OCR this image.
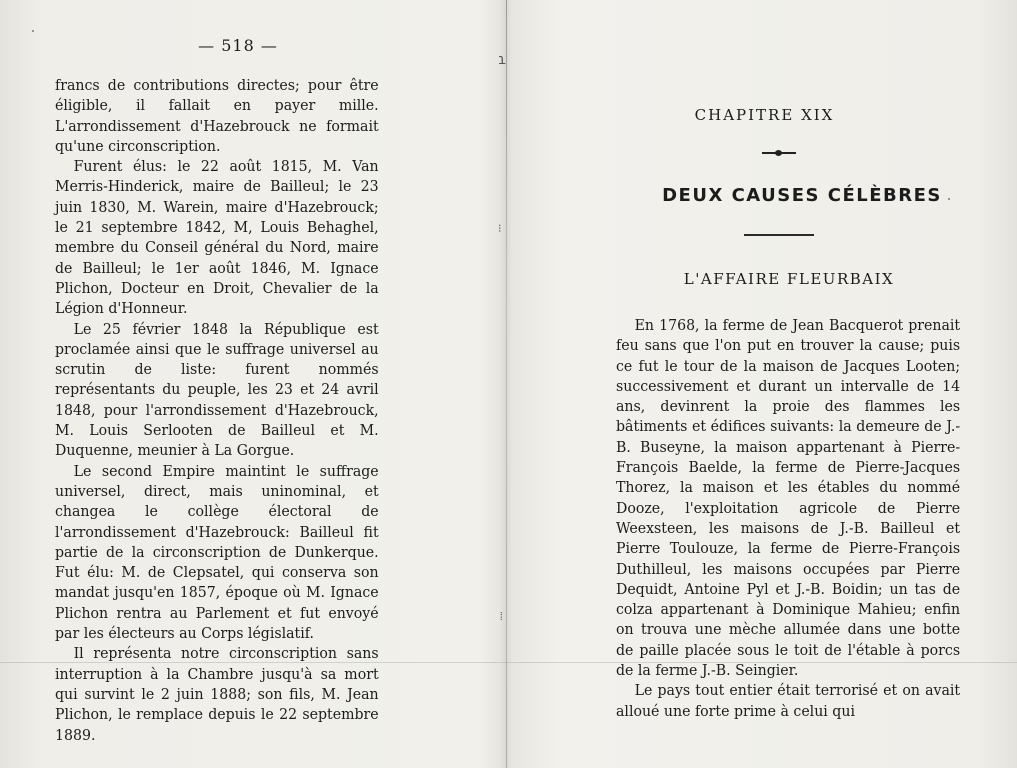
ɿ
⁝
⁞
— 518 —

francs de contributions directes; pour être éligible, il fallait en payer mille. L'arrondissement d'Hazebrouck ne formait qu'une circonscription.

Furent élus: le 22 août 1815, M. Van Merris-Hinderick, maire de Bailleul; le 23 juin 1830, M. Warein, maire d'Hazebrouck; le 21 septembre 1842, M, Louis Behaghel, membre du Conseil général du Nord, maire de Bailleul; le 1er août 1846, M. Ignace Plichon, Docteur en Droit, Chevalier de la Légion d'Honneur.

Le 25 février 1848 la République est proclamée ainsi que le suffrage universel au scrutin de liste: furent nommés représentants du peuple, les 23 et 24 avril 1848, pour l'arrondissement d'Hazebrouck, M. Louis Serlooten de Bailleul et M. Duquenne, meunier à La Gorgue.

Le second Empire maintint le suffrage universel, direct, mais uninominal, et changea le collège électoral de l'arrondissement d'Hazebrouck: Bailleul fit partie de la circonscription de Dunkerque. Fut élu: M. de Clepsatel, qui conserva son mandat jusqu'en 1857, époque où M. Ignace Plichon rentra au Parlement et fut envoyé par les électeurs au Corps législatif.

Il représenta notre circonscription sans interruption à la Chambre jusqu'à sa mort qui survint le 2 juin 1888; son fils, M. Jean Plichon, le remplace depuis le 22 septembre 1889.

CHAPITRE XIX
DEUX CAUSES CÉLÈBRES
L'AFFAIRE FLEURBAIX

En 1768, la ferme de Jean Bacquerot prenait feu sans que l'on put en trouver la cause; puis ce fut le tour de la maison de Jacques Looten; successivement et durant un intervalle de 14 ans, devinrent la proie des flammes les bâtiments et édifices suivants: la demeure de J.-B. Buseyne, la maison appartenant à Pierre-François Baelde, la ferme de Pierre-Jacques Thorez, la maison et les étables du nommé Dooze, l'exploitation agricole de Pierre Weexsteen, les maisons de J.-B. Bailleul et Pierre Toulouze, la ferme de Pierre-François Duthilleul, les maisons occupées par Pierre Dequidt, Antoine Pyl et J.-B. Boidin; un tas de colza appartenant à Dominique Mahieu; enfin on trouva une mèche allumée dans une botte de paille placée sous le toit de l'étable à porcs de la ferme J.-B. Seingier.

Le pays tout entier était terrorisé et on avait alloué une forte prime à celui qui
